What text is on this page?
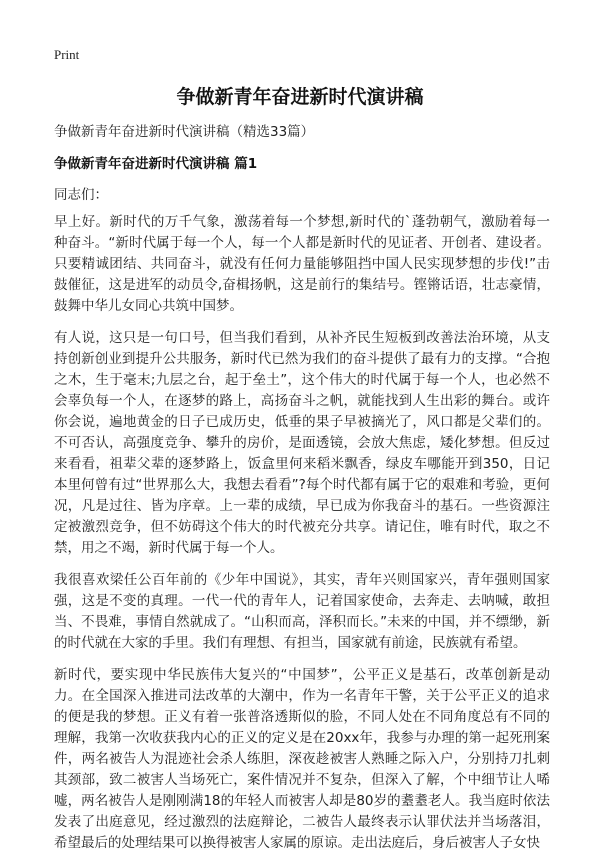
Print
争做新青年奋进新时代演讲稿
争做新青年奋进新时代演讲稿（精选33篇）
争做新青年奋进新时代演讲稿 篇1
同志们：

早上好。新时代的万千气象，激荡着每一个梦想,新时代的`蓬勃朝气，激励着每一种奋斗。“新时代属于每一个人，每一个人都是新时代的见证者、开创者、建设者。只要精诚团结、共同奋斗，就没有任何力量能够阻挡中国人民实现梦想的步伐!”击鼓催征，这是进军的动员令,奋楫扬帆，这是前行的集结号。铿锵话语，壮志豪情，鼓舞中华儿女同心共筑中国梦。

有人说，这只是一句口号，但当我们看到，从补齐民生短板到改善法治环境，从支持创新创业到提升公共服务，新时代已然为我们的奋斗提供了最有力的支撑。“合抱之木，生于毫末;九层之台，起于垒土”，这个伟大的时代属于每一个人，也必然不会辜负每一个人，在逐梦的路上，高扬奋斗之帆，就能找到人生出彩的舞台。或许你会说，遍地黄金的日子已成历史，低垂的果子早被摘光了，风口都是父辈们的。不可否认，高强度竞争、攀升的房价，是面透镜，会放大焦虑，矮化梦想。但反过来看看，祖辈父辈的逐梦路上，饭盒里何来稻米飘香，绿皮车哪能开到350，日记本里何曾有过“世界那么大，我想去看看”?每个时代都有属于它的艰难和考验，更何况，凡是过往、皆为序章。上一辈的成绩，早已成为你我奋斗的基石。一些资源注定被激烈竞争，但不妨碍这个伟大的时代被充分共享。请记住，唯有时代，取之不禁，用之不竭，新时代属于每一个人。

我很喜欢梁任公百年前的《少年中国说》，其实，青年兴则国家兴，青年强则国家强，这是不变的真理。一代一代的青年人，记着国家使命，去奔走、去呐喊，敢担当、不畏难，事情自然就成了。“山积而高，泽积而长。”未来的中国，并不缥缈，新的时代就在大家的手里。我们有理想、有担当，国家就有前途，民族就有希望。

新时代，要实现中华民族伟大复兴的“中国梦”，公平正义是基石，改革创新是动力。在全国深入推进司法改革的大潮中，作为一名青年干警，关于公平正义的追求的便是我的梦想。正义有着一张普洛透斯似的脸，不同人处在不同角度总有不同的理解，我第一次收获我内心的正义的定义是在20xx年，我参与办理的第一起死刑案件，两名被告人为混迹社会杀人练胆，深夜趁被害人熟睡之际入户，分别持刀扎刺其颈部，致二被害人当场死亡，案件情况并不复杂，但深入了解，个中细节让人唏嘘，两名被告人是刚刚满18的年轻人而被害人却是80岁的耋耋老人。我当庭时依法发表了出庭意见，经过激烈的法庭辩论，二被告人最终表示认罪伏法并当场落泪，希望最后的处理结果可以换得被害人家属的原谅。走出法庭后，身后被害人子女快
